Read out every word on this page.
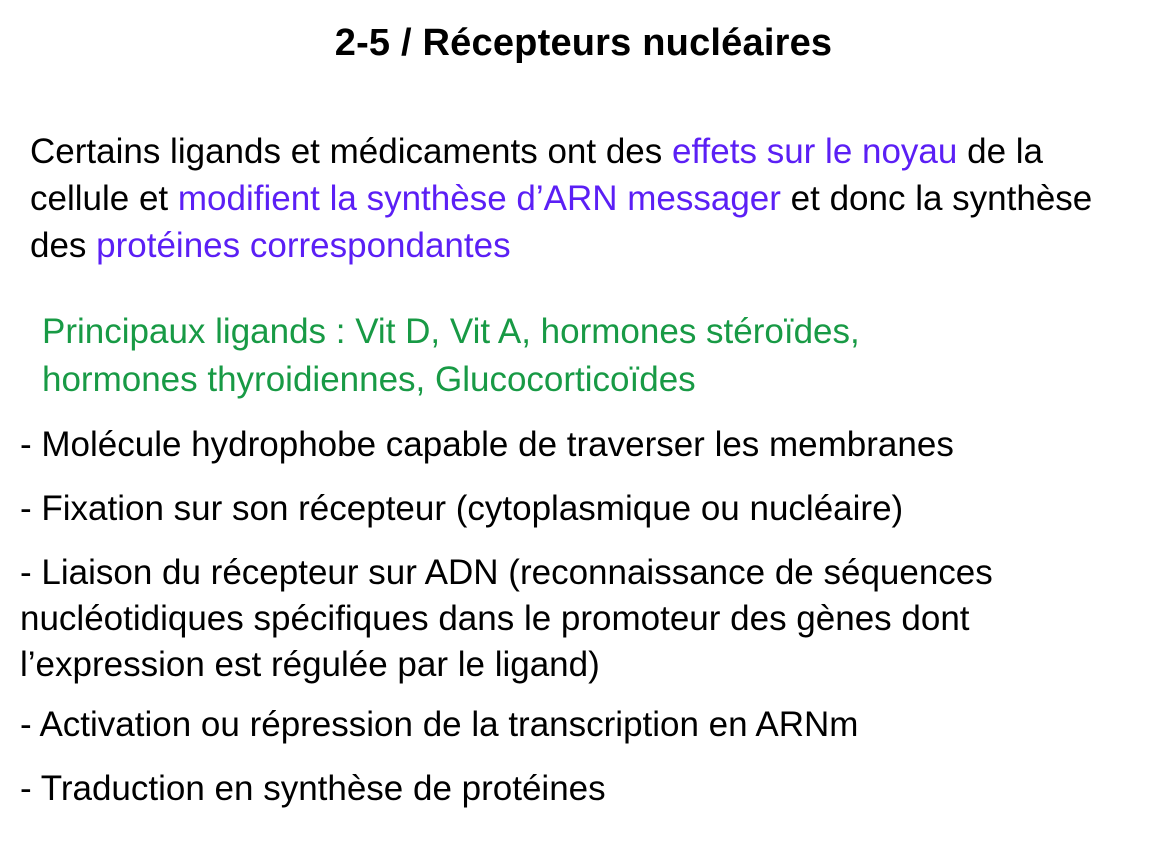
2-5 / Récepteurs nucléaires
Certains ligands et médicaments ont des effets sur le noyau de la cellule et modifient la synthèse d’ARN messager et donc la synthèse des protéines correspondantes
Principaux ligands : Vit D, Vit A, hormones stéroïdes,
hormones thyroidiennes, Glucocorticoïdes
- Molécule hydrophobe capable de traverser les membranes
- Fixation sur son récepteur (cytoplasmique ou nucléaire)
- Liaison du récepteur sur ADN (reconnaissance de séquences nucléotidiques spécifiques dans le promoteur des gènes dont l’expression est régulée par le ligand)
- Activation ou répression de la transcription en ARNm
- Traduction en synthèse de protéines
